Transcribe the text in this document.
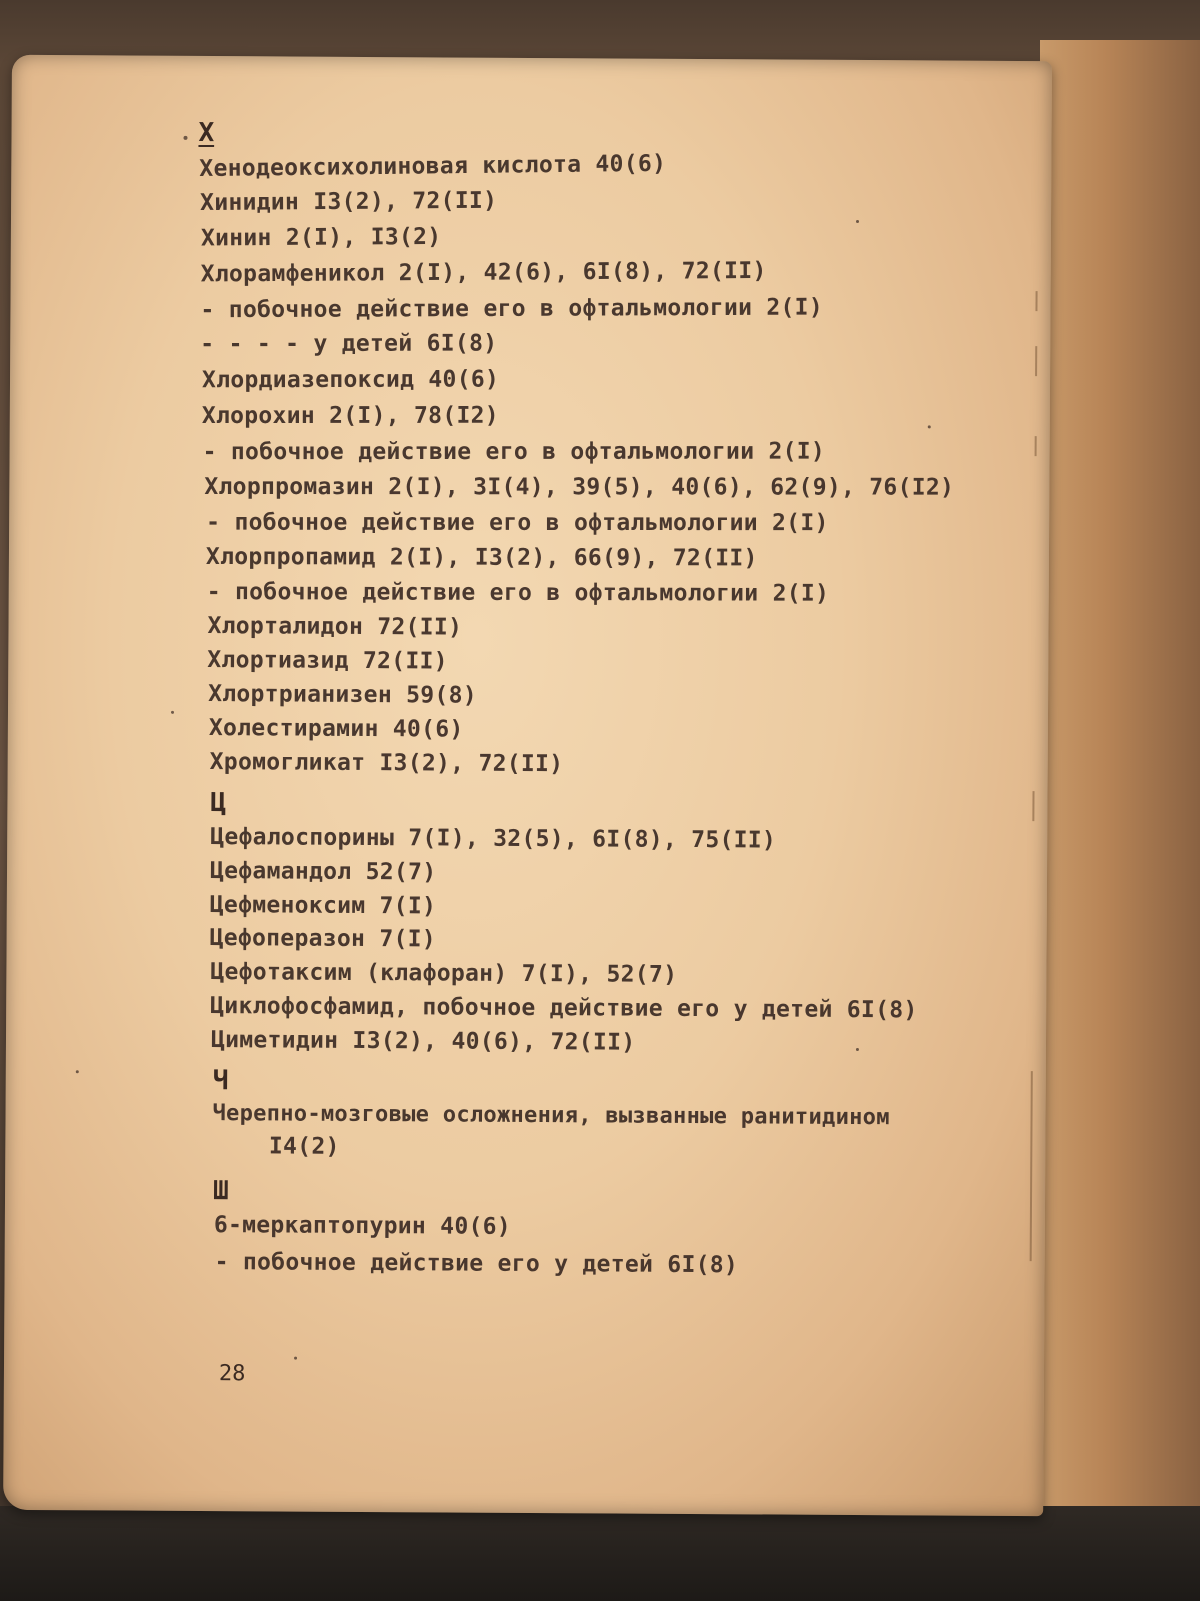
Х
Хенодеоксихолиновая кислота 40(6)
Хинидин I3(2), 72(II)
Хинин 2(I), I3(2)
Хлорамфеникол 2(I), 42(6), 6I(8), 72(II)
- побочное действие его в офтальмологии 2(I)
- - - - у детей 6I(8)
Хлордиазепоксид 40(6)
Хлорохин 2(I), 78(I2)
- побочное действие его в офтальмологии 2(I)
Хлорпромазин 2(I), 3I(4), 39(5), 40(6), 62(9), 76(I2)
- побочное действие его в офтальмологии 2(I)
Хлорпропамид 2(I), I3(2), 66(9), 72(II)
- побочное действие его в офтальмологии 2(I)
Хлорталидон 72(II)
Хлортиазид 72(II)
Хлортрианизен 59(8)
Холестирамин 40(6)
Хромогликат I3(2), 72(II)
Ц
Цефалоспорины 7(I), 32(5), 6I(8), 75(II)
Цефамандол 52(7)
Цефменоксим 7(I)
Цефоперазон 7(I)
Цефотаксим (клафоран) 7(I), 52(7)
Циклофосфамид, побочное действие его у детей 6I(8)
Циметидин I3(2), 40(6), 72(II)
Ч
Черепно-мозговые осложнения, вызванные ранитидином
I4(2)
Ш
6-меркаптопурин 40(6)
- побочное действие его у детей 6I(8)
28
